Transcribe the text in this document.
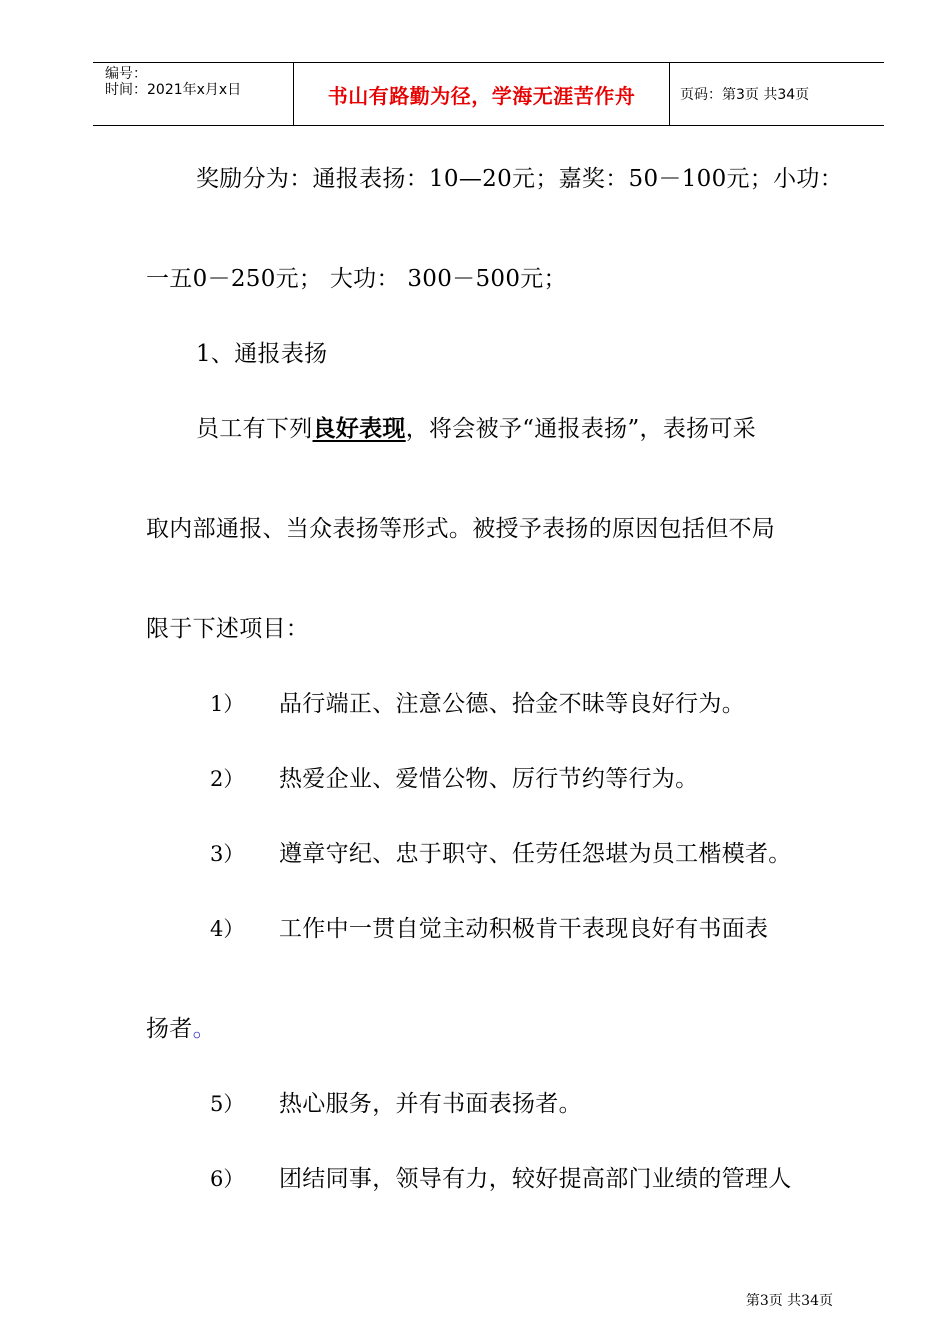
编号：
时间：2021年x月x日	书山有路勤为径，学海无涯苦作舟	页码：第3页 共34页
奖励分为：通报表扬：10—20元；嘉奖：50－100元；小功：
一五0－250元； 大功： 300－500元；
1、通报表扬
员工有下列良好表现，将会被予“通报表扬”，表扬可采
取内部通报、当众表扬等形式。被授予表扬的原因包括但不局
限于下述项目：
1） 品行端正、注意公德、拾金不昧等良好行为。
2） 热爱企业、爱惜公物、厉行节约等行为。
3） 遵章守纪、忠于职守、任劳任怨堪为员工楷模者。
4） 工作中一贯自觉主动积极肯干表现良好有书面表
扬者。
5） 热心服务，并有书面表扬者。
6） 团结同事，领导有力，较好提高部门业绩的管理人
第3页 共34页
